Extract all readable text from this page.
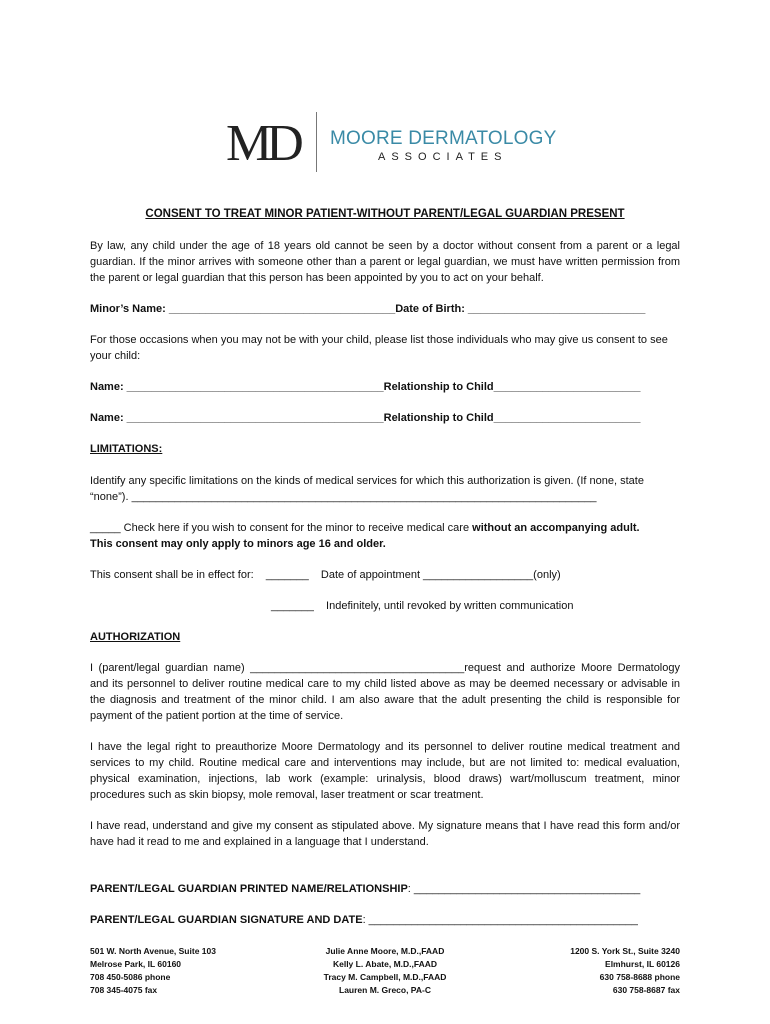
MD MOORE DERMATOLOGY
ASSOCIATES

CONSENT TO TREAT MINOR PATIENT-WITHOUT PARENT/LEGAL GUARDIAN PRESENT

By law, any child under the age of 18 years old cannot be seen by a doctor without consent from a parent or a legal guardian. If the minor arrives with someone other than a parent or legal guardian, we must have written permission from the parent or legal guardian that this person has been appointed by you to act on your behalf.

Minor’s Name: _____________________________________Date of Birth: _____________________________

For those occasions when you may not be with your child, please list those individuals who may give us consent to see your child:

Name: __________________________________________Relationship to Child________________________

Name: __________________________________________Relationship to Child________________________

LIMITATIONS:

Identify any specific limitations on the kinds of medical services for which this authorization is given. (If none, state “none”). ____________________________________________________________________________

_____ Check here if you wish to consent for the minor to receive medical care without an accompanying adult.

This consent may only apply to minors age 16 and older.

This consent shall be in effect for:    _______    Date of appointment __________________(only)

_______    Indefinitely, until revoked by written communication

AUTHORIZATION

I (parent/legal guardian name) ___________________________________request and authorize Moore Dermatology and its personnel to deliver routine medical care to my child listed above as may be deemed necessary or advisable in the diagnosis and treatment of the minor child. I am also aware that the adult presenting the child is responsible for payment of the patient portion at the time of service.

I have the legal right to preauthorize Moore Dermatology and its personnel to deliver routine medical treatment and services to my child. Routine medical care and interventions may include, but are not limited to: medical evaluation, physical examination, injections, lab work (example: urinalysis, blood draws) wart/molluscum treatment, minor procedures such as skin biopsy, mole removal, laser treatment or scar treatment.

I have read, understand and give my consent as stipulated above. My signature means that I have read this form and/or have had it read to me and explained in a language that I understand.

PARENT/LEGAL GUARDIAN PRINTED NAME/RELATIONSHIP: _____________________________________

PARENT/LEGAL GUARDIAN SIGNATURE AND DATE: ____________________________________________

501 W. North Avenue, Suite 103
Melrose Park, IL 60160
708 450-5086 phone
708 345-4075 fax
Julie Anne Moore, M.D.,FAAD
Kelly L. Abate, M.D.,FAAD
Tracy M. Campbell, M.D.,FAAD
Lauren M. Greco, PA-C
1200 S. York St., Suite 3240
Elmhurst, IL 60126
630 758-8688 phone
630 758-8687 fax
